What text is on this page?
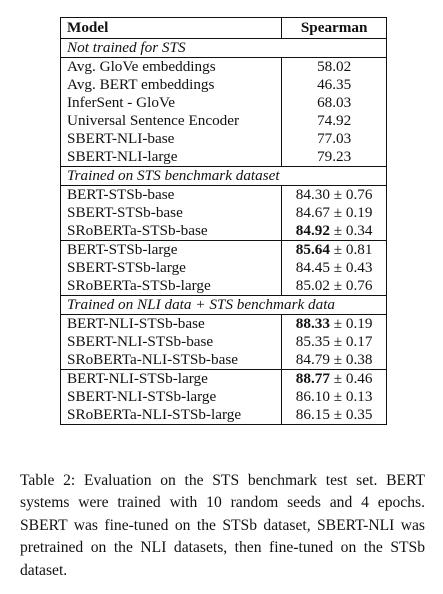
Model	Spearman
Not trained for STS	
Avg. GloVe embeddings	58.02
Avg. BERT embeddings	46.35
InferSent - GloVe	68.03
Universal Sentence Encoder	74.92
SBERT-NLI-base	77.03
SBERT-NLI-large	79.23
Trained on STS benchmark dataset	
BERT-STSb-base	84.30 ± 0.76
SBERT-STSb-base	84.67 ± 0.19
SRoBERTa-STSb-base	84.92 ± 0.34
BERT-STSb-large	85.64 ± 0.81
SBERT-STSb-large	84.45 ± 0.43
SRoBERTa-STSb-large	85.02 ± 0.76
Trained on NLI data + STS benchmark data	
BERT-NLI-STSb-base	88.33 ± 0.19
SBERT-NLI-STSb-base	85.35 ± 0.17
SRoBERTa-NLI-STSb-base	84.79 ± 0.38
BERT-NLI-STSb-large	88.77 ± 0.46
SBERT-NLI-STSb-large	86.10 ± 0.13
SRoBERTa-NLI-STSb-large	86.15 ± 0.35

Table 2: Evaluation on the STS benchmark test set. BERT systems were trained with 10 random seeds and 4 epochs. SBERT was fine-tuned on the STSb dataset, SBERT-NLI was pretrained on the NLI datasets, then fine-tuned on the STSb dataset.
